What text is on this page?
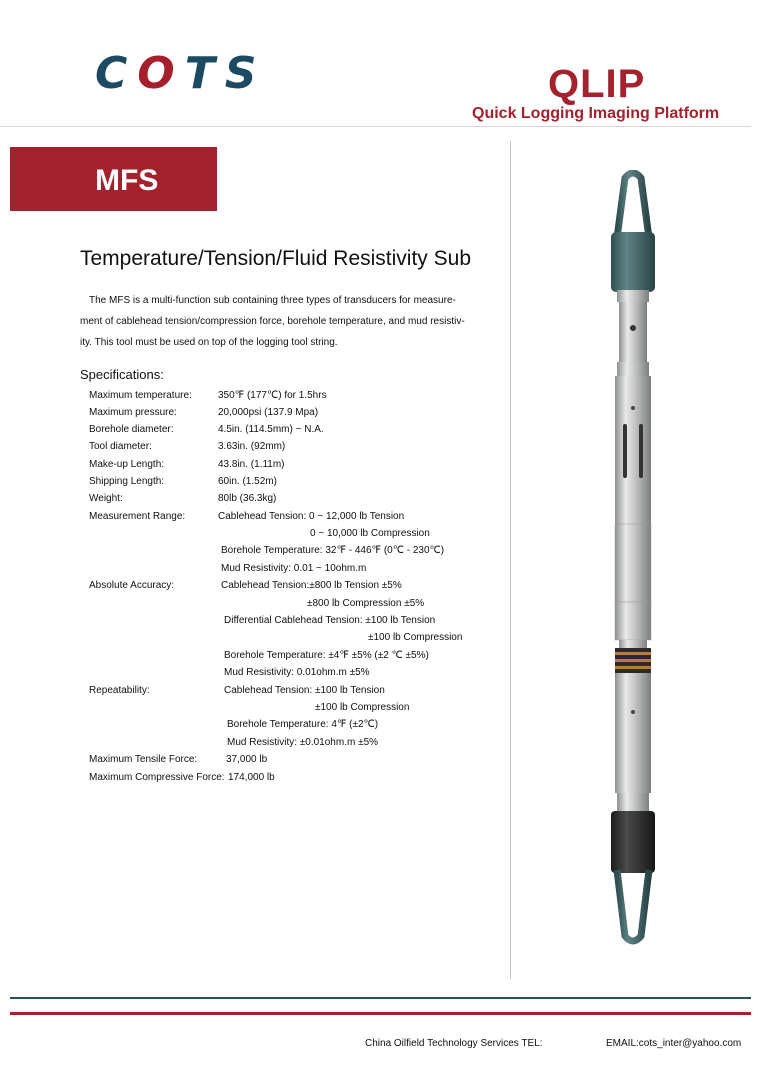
COTS	QLIP
Quick Logging Imaging Platform
MFS
Temperature/Tension/Fluid Resistivity Sub
The MFS is a multi-function sub containing three types of transducers for measure-
ment of cablehead tension/compression force, borehole temperature, and mud resistiv-
ity. This tool must be used on top of the logging tool string.
Specifications:
Maximum temperature:	350℉ (177℃) for 1.5hrs
Maximum pressure:	20,000psi (137.9 Mpa)
Borehole diameter:	4.5in. (114.5mm) ~ N.A.
Tool diameter:	3.63in. (92mm)
Make-up Length:	43.8in. (1.11m)
Shipping Length:	60in. (1.52m)
Weight:	80lb (36.3kg)
Measurement Range:	Cablehead Tension: 0 ~ 12,000 lb Tension
0 ~ 10,000 lb Compression
Borehole Temperature: 32℉ - 446℉ (0℃ - 230℃)
Mud Resistivity: 0.01 ~ 10ohm.m
Absolute Accuracy:	Cablehead Tension:±800 lb Tension ±5%
±800 lb Compression ±5%
Differential Cablehead Tension: ±100 lb Tension
±100 lb Compression
Borehole Temperature: ±4℉ ±5% (±2 ℃ ±5%)
Mud Resistivity: 0.01ohm.m ±5%
Repeatability:	Cablehead Tension: ±100 lb Tension
±100 lb Compression
Borehole Temperature: 4℉ (±2℃)
Mud Resistivity: ±0.01ohm.m ±5%
Maximum Tensile Force:	37,000 lb
Maximum Compressive Force: 174,000 lb
China Oilfield Technology Services TEL:	EMAIL:cots_inter@yahoo.com
